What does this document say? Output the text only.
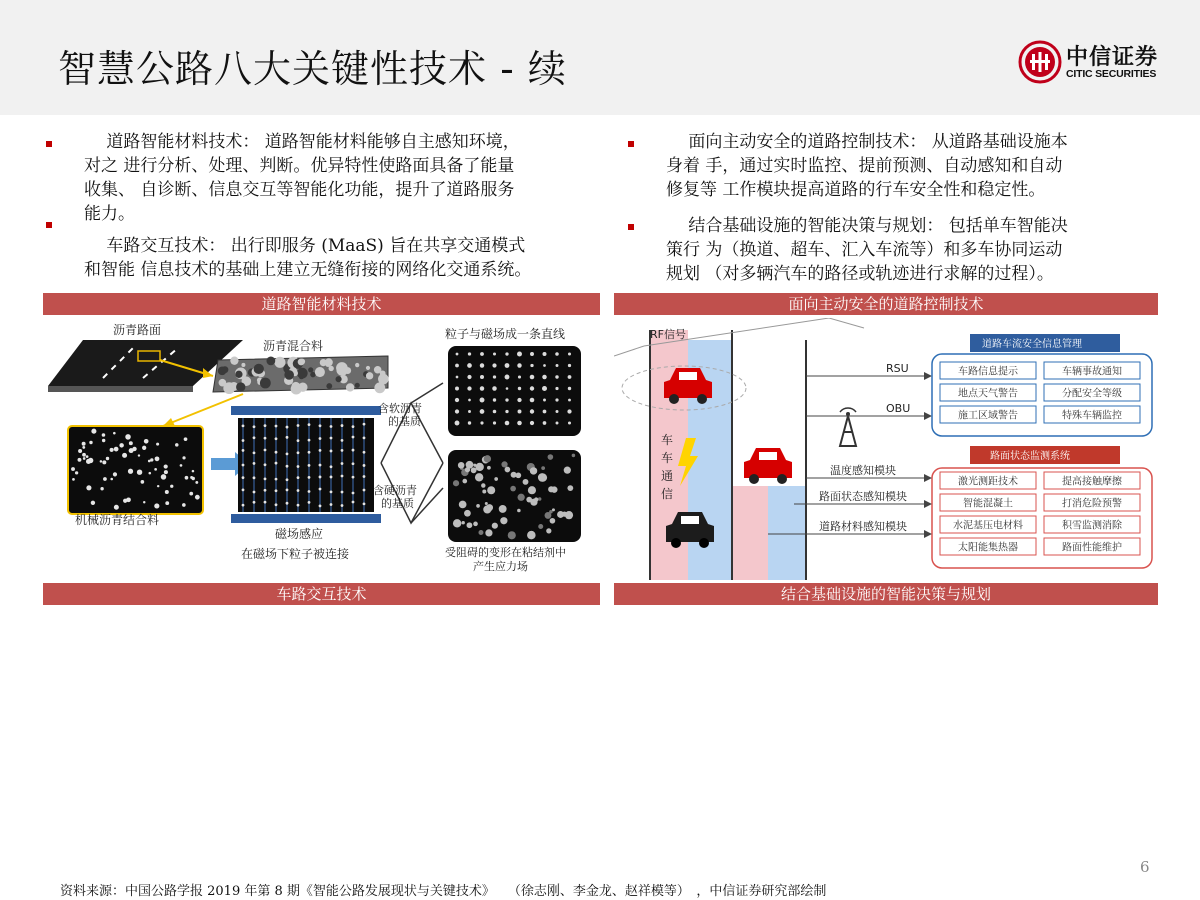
智慧公路八大关键性技术 - 续	中信证券
CITIC SECURITIES
　 道路智能材料技术： 道路智能材料能够自主感知环境，
对之 进行分析、处理、判断。优异特性使路面具备了能量
收集、 自诊断、信息交互等智能化功能，提升了道路服务
能力。
　 车路交互技术： 出行即服务 (MaaS) 旨在共享交通模式
和智能 信息技术的基础上建立无缝衔接的网络化交通系统。
　 面向主动安全的道路控制技术： 从道路基础设施本
身着 手，通过实时监控、提前预测、自动感知和自动
修复等 工作模块提高道路的行车安全性和稳定性。
　 结合基础设施的智能决策与规划： 包括单车智能决
策行 为（换道、超车、汇入车流等）和多车协同运动
规划 （对多辆汽车的路径或轨迹进行求解的过程）。
道路智能材料技术	面向主动安全的道路控制技术
车路交互技术	结合基础设施的智能决策与规划
沥青路面
沥青混合料
机械沥青结合料
磁场感应
在磁场下粒子被连接
含软沥青
的基质
含硬沥青
的基质
粒子与磁场成一条直线
受阻碍的变形在粘结剂中
产生应力场
RF信号
车
车
通
信
RSU
OBU
道路车流安全信息管理
车路信息提示	车辆事故通知
地点天气警告	分配安全等级
施工区域警告	特殊车辆监控
路面状态监测系统
激光测距技术	提高接触摩擦
智能混凝土	打消危险预警
水泥基压电材料	积雪监测消除
太阳能集热器	路面性能维护
温度感知模块
路面状态感知模块
道路材料感知模块
6
资料来源：中国公路学报 2019 年第 8 期《智能公路发展现状与关键技术》　　（徐志刚、李金龙、赵祥模等）　，中信证券研究部绘制
